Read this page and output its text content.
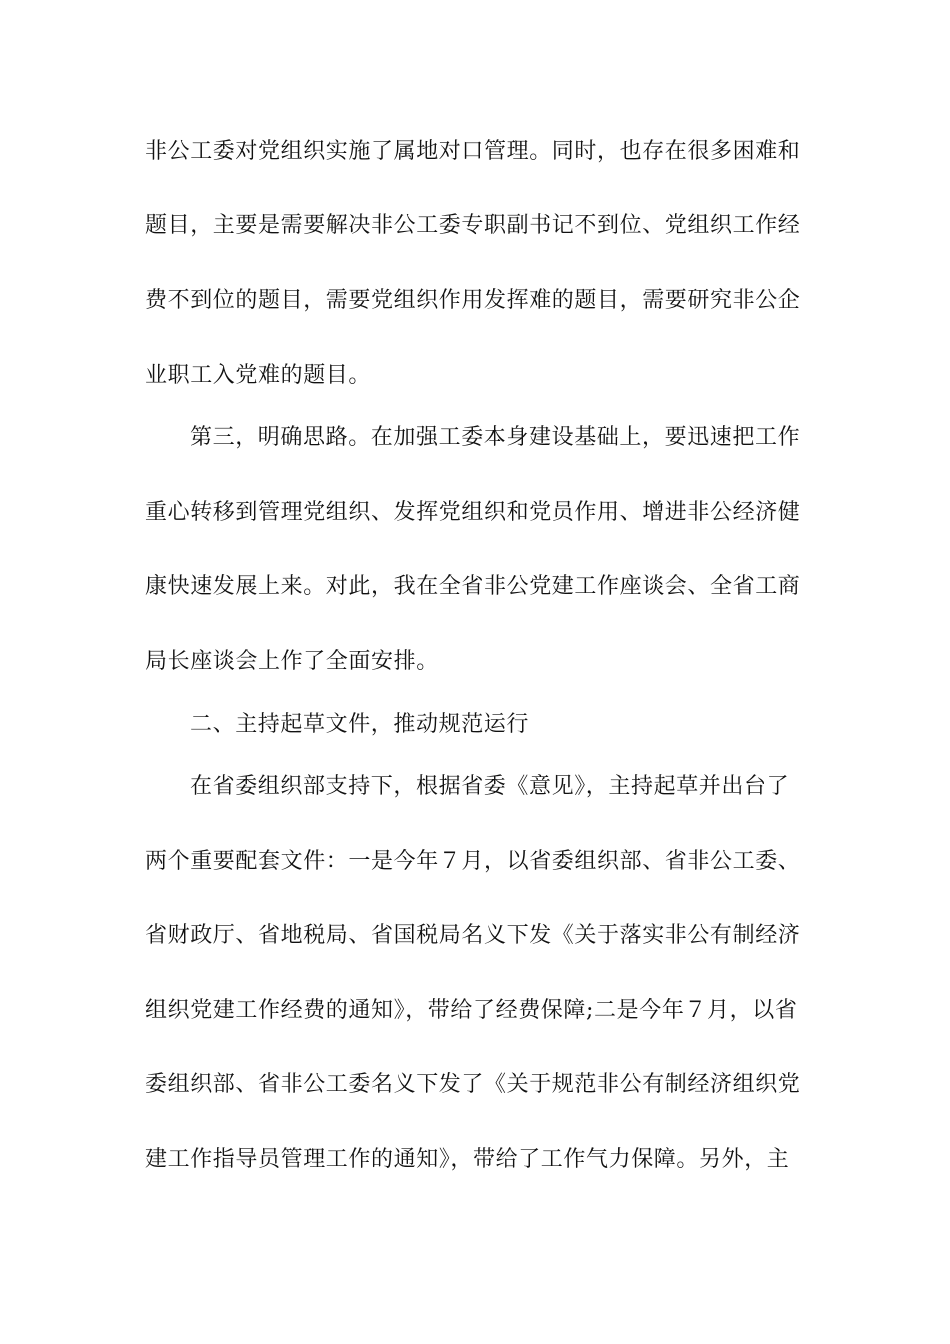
非公工委对党组织实施了属地对口管理。同时，也存在很多困难和
题目，主要是需要解决非公工委专职副书记不到位、党组织工作经
费不到位的题目，需要党组织作用发挥难的题目，需要研究非公企
业职工入党难的题目。
第三，明确思路。在加强工委本身建设基础上，要迅速把工作
重心转移到管理党组织、发挥党组织和党员作用、增进非公经济健
康快速发展上来。对此，我在全省非公党建工作座谈会、全省工商
局长座谈会上作了全面安排。
二、主持起草文件，推动规范运行
在省委组织部支持下，根据省委《意见》，主持起草并出台了
两个重要配套文件：一是今年７月，以省委组织部、省非公工委、
省财政厅、省地税局、省国税局名义下发《关于落实非公有制经济
组织党建工作经费的通知》，带给了经费保障;二是今年７月，以省
委组织部、省非公工委名义下发了《关于规范非公有制经济组织党
建工作指导员管理工作的通知》，带给了工作气力保障。另外，主
